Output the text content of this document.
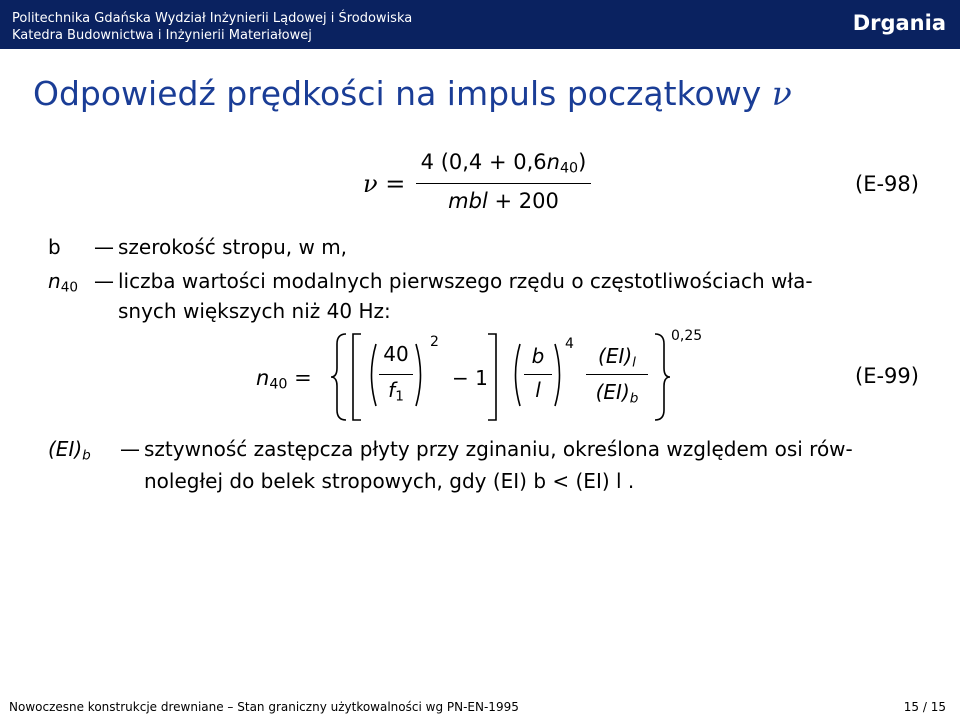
Politechnika Gdańska Wydział Inżynierii Lądowej i Środowiska
Katedra Budownictwa i Inżynierii Materiałowej
Drgania
Odpowiedź prędkości na impuls początkowy ν
ν =
4 $(0,4 + 0,6n_{40})$
mbl + 200
(E-98)
b — szerokość stropu, w m,
$n_{40}$ — liczba wartości modalnych pierwszego rzędu o częstotliwościach wła-
snych większych niż 40 Hz:
$n_{40}$ =
40
$f_1$
2
− 1
b
l
4	$(EI)_l$
$(EI)_b$
0,25
(E-99)
$(EI)_b$ — sztywność zastępcza płyty przy zginaniu, określona względem osi rów-
noległej do belek stropowych, gdy (EI) b < (EI) l .
Nowoczesne konstrukcje drewniane – Stan graniczny użytkowalności wg PN-EN-1995	15 / 15
